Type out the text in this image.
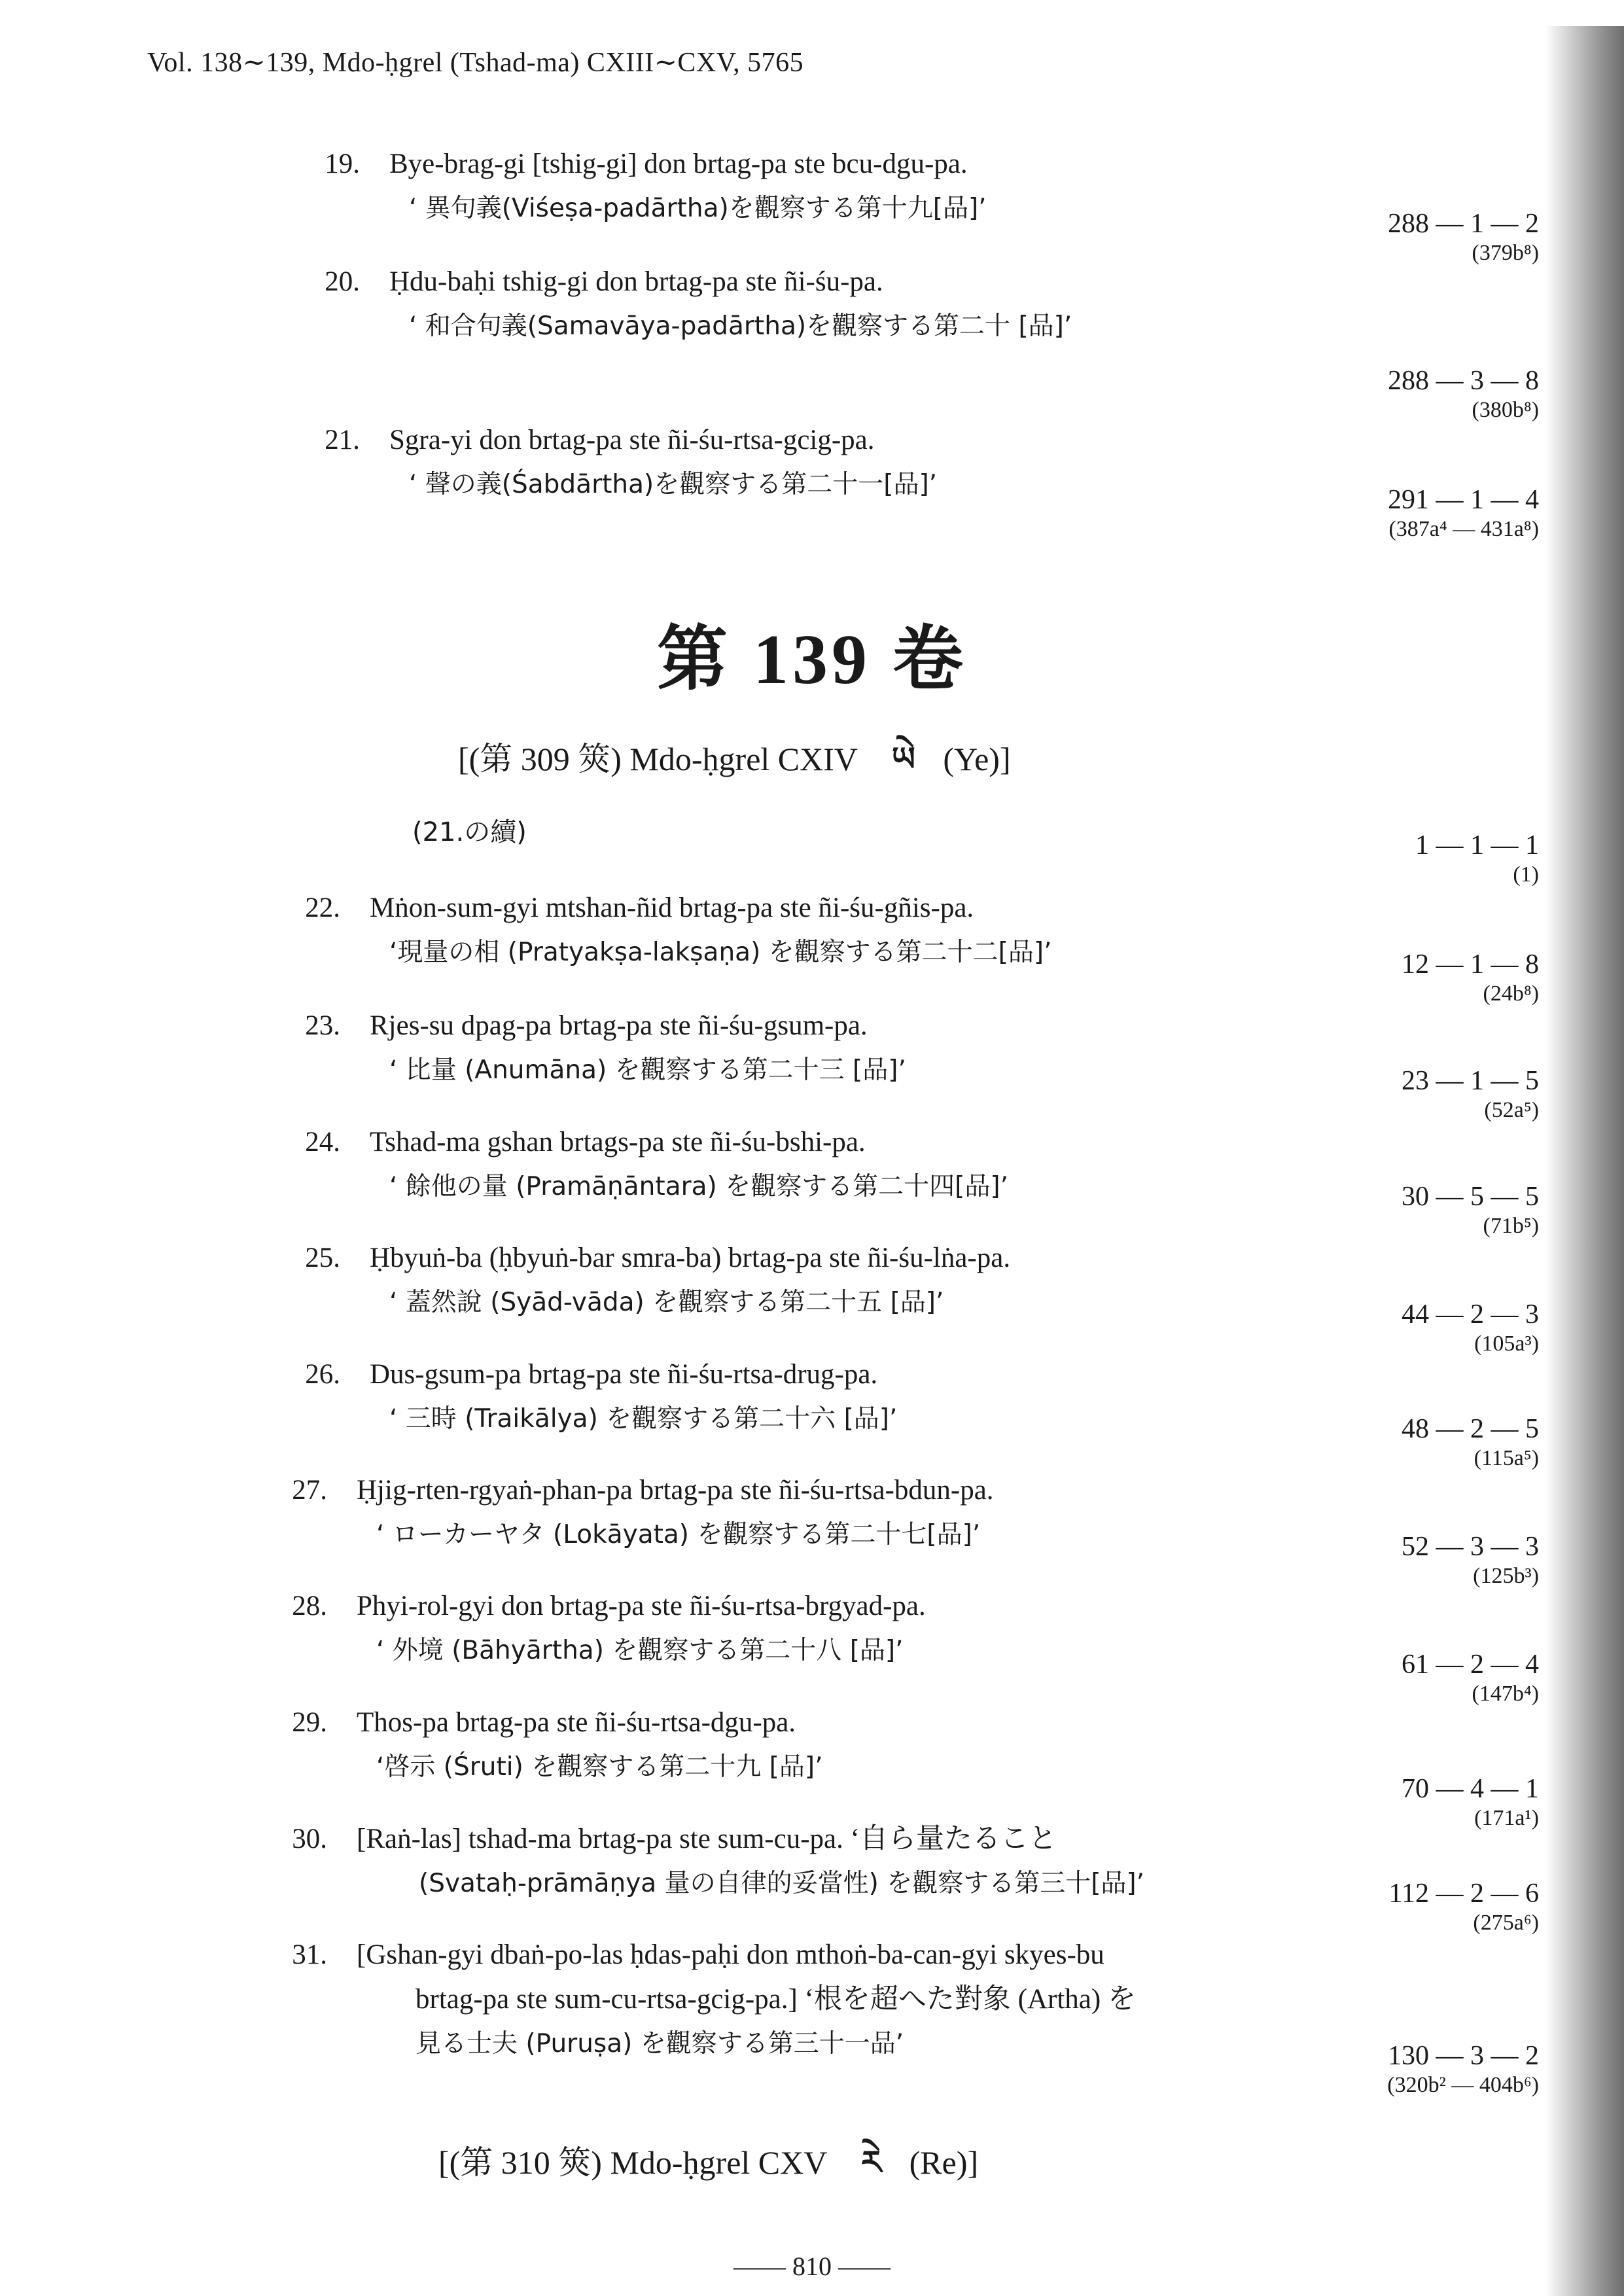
Vol. 138∼139, Mdo-ḥgrel (Tshad-ma) CXIII∼CXV, 5765
19. Bye-brag-gi [tshig-gi] don brtag-pa ste bcu-dgu-pa.
‘ 異句義(Viśeṣa-padārtha)を觀察する第十九[品]’
288 — 1 — 2
(379b⁸)
20. Ḥdu-baḥi tshig-gi don brtag-pa ste ñi-śu-pa.
‘ 和合句義(Samavāya-padārtha)を觀察する第二十 [品]’
288 — 3 — 8
(380b⁸)
21. Sgra-yi don brtag-pa ste ñi-śu-rtsa-gcig-pa.
‘ 聲の義(Śabdārtha)を觀察する第二十一[品]’
291 — 1 — 4
(387a⁴ — 431a⁸)
第 139 卷
[(第 309 筴) Mdo-ḥgrel CXIV ཡེ (Ye)]
(21.の續)	1 — 1 — 1
(1)
22. Mṅon-sum-gyi mtshan-ñid brtag-pa ste ñi-śu-gñis-pa.
‘現量の相 (Pratyakṣa-lakṣaṇa) を觀察する第二十二[品]’	12 — 1 — 8
(24b⁸)
23. Rjes-su dpag-pa brtag-pa ste ñi-śu-gsum-pa.
‘ 比量 (Anumāna) を觀察する第二十三 [品]’	23 — 1 — 5
(52a⁵)
24. Tshad-ma gshan brtags-pa ste ñi-śu-bshi-pa.
‘ 餘他の量 (Pramāṇāntara) を觀察する第二十四[品]’	30 — 5 — 5
(71b⁵)
25. Ḥbyuṅ-ba (ḥbyuṅ-bar smra-ba) brtag-pa ste ñi-śu-lṅa-pa.
‘ 蓋然說 (Syād-vāda) を觀察する第二十五 [品]’	44 — 2 — 3
(105a³)
26. Dus-gsum-pa brtag-pa ste ñi-śu-rtsa-drug-pa.
‘ 三時 (Traikālya) を觀察する第二十六 [品]’	48 — 2 — 5
(115a⁵)
27. Ḥjig-rten-rgyaṅ-phan-pa brtag-pa ste ñi-śu-rtsa-bdun-pa.
‘ ローカーヤタ (Lokāyata) を觀察する第二十七[品]’	52 — 3 — 3
(125b³)
28. Phyi-rol-gyi don brtag-pa ste ñi-śu-rtsa-brgyad-pa.
‘ 外境 (Bāhyārtha) を觀察する第二十八 [品]’	61 — 2 — 4
(147b⁴)
29. Thos-pa brtag-pa ste ñi-śu-rtsa-dgu-pa.
‘啓示 (Śruti) を觀察する第二十九 [品]’
70 — 4 — 1
(171a¹)
30. [Raṅ-las] tshad-ma brtag-pa ste sum-cu-pa. ‘自ら量たること
(Svataḥ-prāmāṇya 量の自律的妥當性) を觀察する第三十[品]’	112 — 2 — 6
(275a⁶)
31. [Gshan-gyi dbaṅ-po-las ḥdas-paḥi don mthoṅ-ba-can-gyi skyes-bu
brtag-pa ste sum-cu-rtsa-gcig-pa.] ‘根を超へた對象 (Artha) を
見る士夫 (Puruṣa) を觀察する第三十一品’	130 — 3 — 2
(320b² — 404b⁶)
[(第 310 筴) Mdo-ḥgrel CXV རེ (Re)]
—— 810 ——
